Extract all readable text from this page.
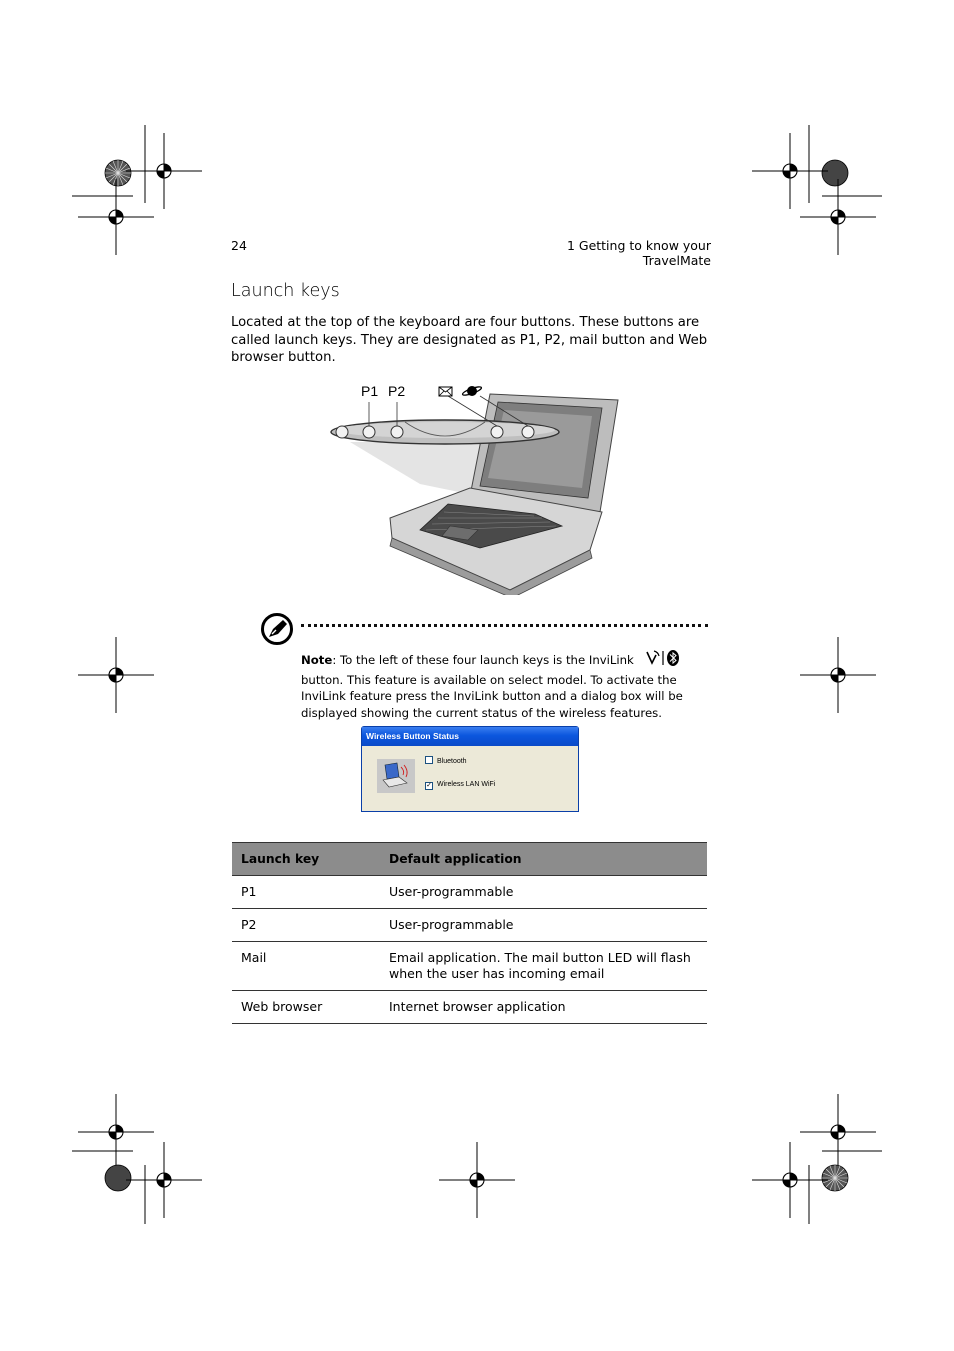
24	1 Getting to know your TravelMate
Launch keys

Located at the top of the keyboard are four buttons. These buttons are called launch keys. They are designated as P1, P2, mail button and Web browser button.

P1 P2

Note: To the left of these four launch keys is the InviLink
button. This feature is available on select model. To activate the InviLink feature press the InviLink button and a dialog box will be displayed showing the current status of the wireless features.

Wireless Button Status
Bluetooth
✓ Wireless LAN WiFi
Launch key	Default application
P1	User-programmable
P2	User-programmable
Mail	Email application. The mail button LED will flash when the user has incoming email
Web browser	Internet browser application
